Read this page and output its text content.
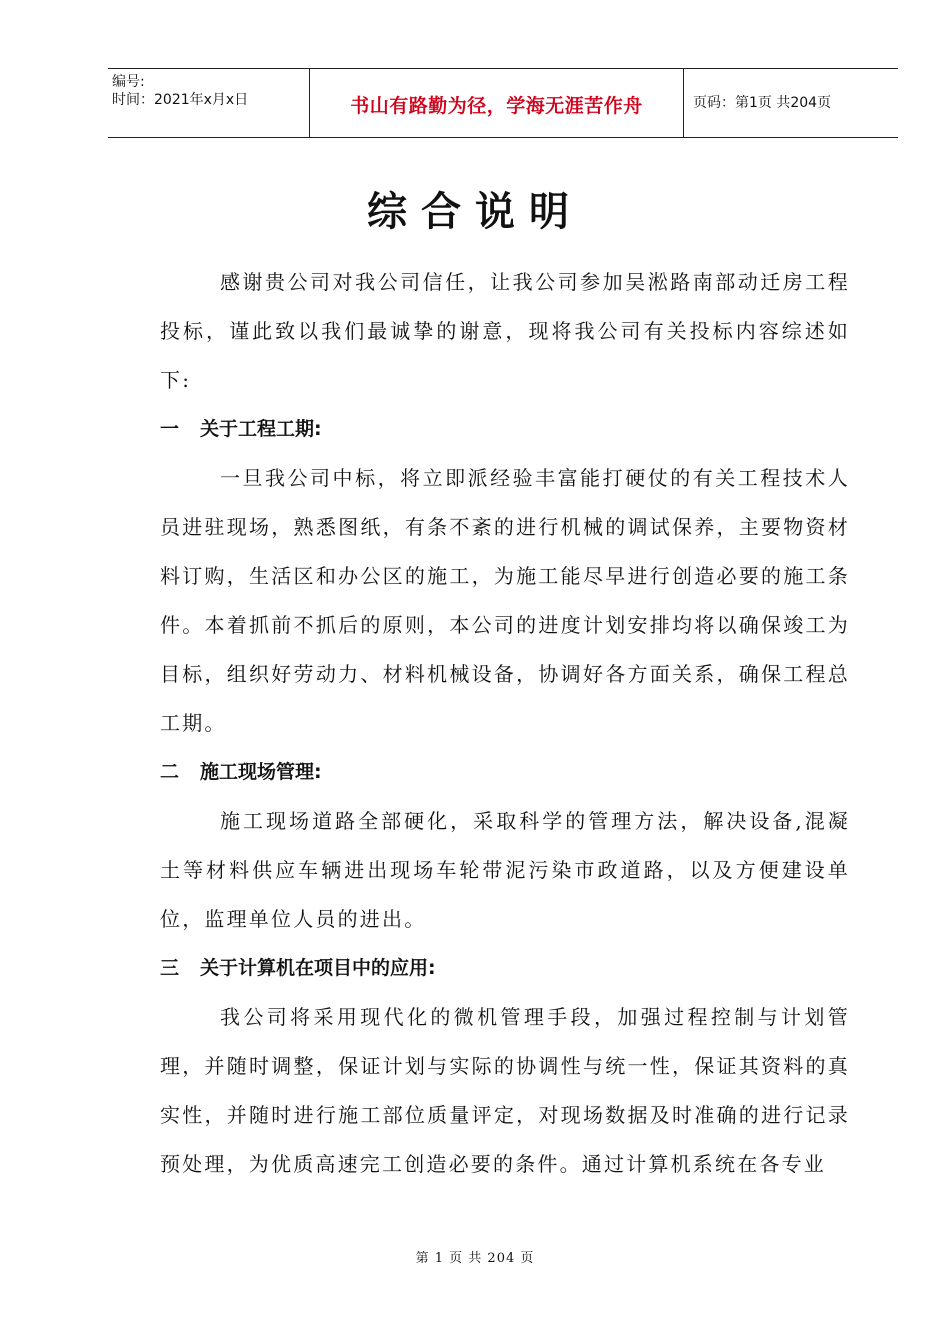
编号:
时间：2021年x月x日	书山有路勤为径，学海无涯苦作舟	页码：第1页 共204页
综合说明

感谢贵公司对我公司信任，让我公司参加吴淞路南部动迁房工程投标，谨此致以我们最诚挚的谢意，现将我公司有关投标内容综述如下:

一 关于工程工期:

一旦我公司中标，将立即派经验丰富能打硬仗的有关工程技术人员进驻现场，熟悉图纸，有条不紊的进行机械的调试保养，主要物资材料订购，生活区和办公区的施工，为施工能尽早进行创造必要的施工条件。本着抓前不抓后的原则，本公司的进度计划安排均将以确保竣工为目标，组织好劳动力、材料机械设备，协调好各方面关系，确保工程总工期。

二 施工现场管理:

施工现场道路全部硬化，采取科学的管理方法，解决设备,混凝土等材料供应车辆进出现场车轮带泥污染市政道路，以及方便建设单位，监理单位人员的进出。

三 关于计算机在项目中的应用:

我公司将采用现代化的微机管理手段，加强过程控制与计划管理，并随时调整，保证计划与实际的协调性与统一性，保证其资料的真实性，并随时进行施工部位质量评定，对现场数据及时准确的进行记录预处理，为优质高速完工创造必要的条件。通过计算机系统在各专业

第 1 页 共 204 页
